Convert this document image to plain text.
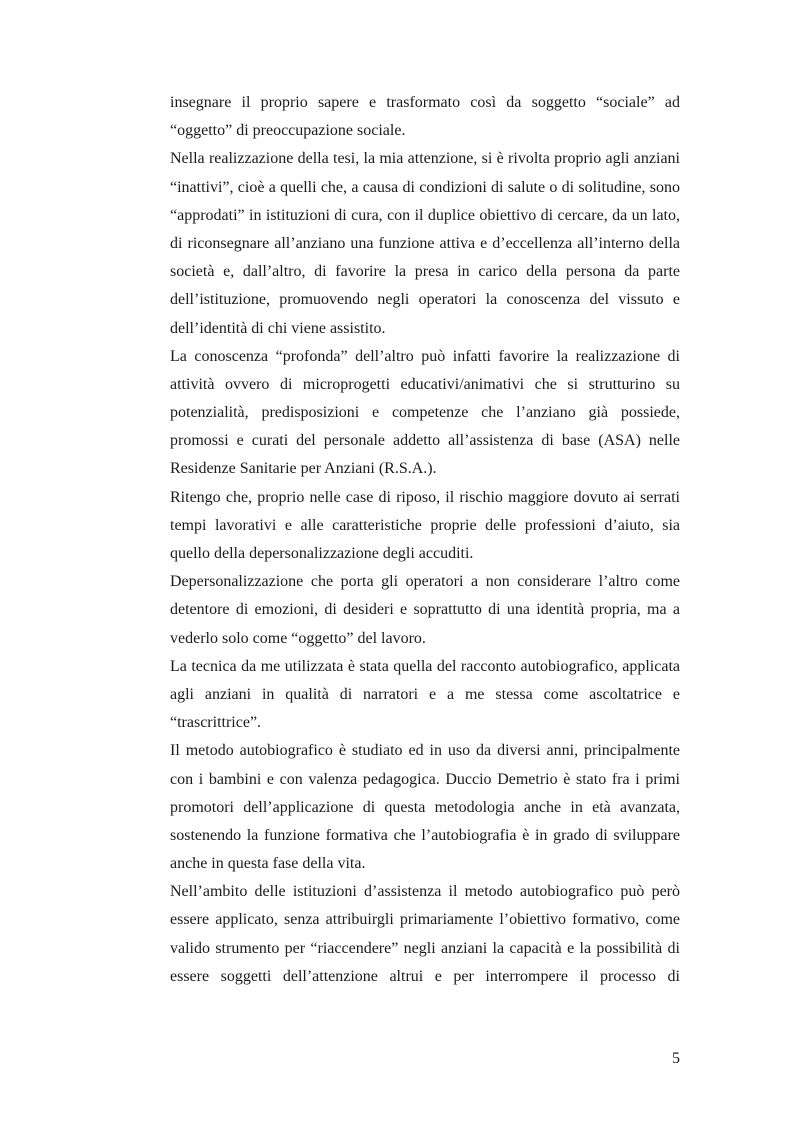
insegnare il proprio sapere e trasformato così da soggetto “sociale” ad
“oggetto” di preoccupazione sociale.
Nella realizzazione della tesi, la mia attenzione, si è rivolta proprio agli anziani
“inattivi”, cioè a quelli che, a causa di condizioni di salute o di solitudine, sono
“approdati” in istituzioni di cura, con il duplice obiettivo di cercare, da un lato,
di riconsegnare all’anziano una funzione attiva e d’eccellenza all’interno della
società e, dall’altro, di favorire la presa in carico della persona da parte
dell’istituzione, promuovendo negli operatori la conoscenza del vissuto e
dell’identità di chi viene assistito.
La conoscenza “profonda” dell’altro può infatti favorire la realizzazione di
attività ovvero di microprogetti educativi/animativi che si strutturino su
potenzialità, predisposizioni e competenze che l’anziano già possiede,
promossi e curati del personale addetto all’assistenza di base (ASA) nelle
Residenze Sanitarie per Anziani (R.S.A.).
Ritengo che, proprio nelle case di riposo, il rischio maggiore dovuto ai serrati
tempi lavorativi e alle caratteristiche proprie delle professioni d’aiuto, sia
quello della depersonalizzazione degli accuditi.
Depersonalizzazione che porta gli operatori a non considerare l’altro come
detentore di emozioni, di desideri e soprattutto di una identità propria, ma a
vederlo solo come “oggetto” del lavoro.
La tecnica da me utilizzata è stata quella del racconto autobiografico, applicata
agli anziani in qualità di narratori e a me stessa come ascoltatrice e
“trascrittrice”.
Il metodo autobiografico è studiato ed in uso da diversi anni, principalmente
con i bambini e con valenza pedagogica. Duccio Demetrio è stato fra i primi
promotori dell’applicazione di questa metodologia anche in età avanzata,
sostenendo la funzione formativa che l’autobiografia è in grado di sviluppare
anche in questa fase della vita.
Nell’ambito delle istituzioni d’assistenza il metodo autobiografico può però
essere applicato, senza attribuirgli primariamente l’obiettivo formativo, come
valido strumento per “riaccendere” negli anziani la capacità e la possibilità di
essere soggetti dell’attenzione altrui e per interrompere il processo di
5
